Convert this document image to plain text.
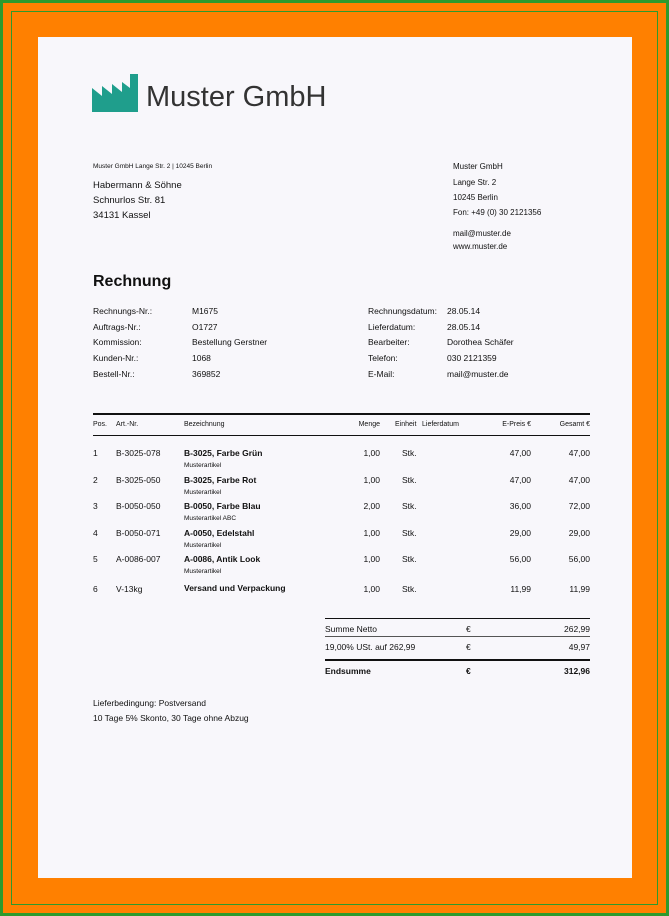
Muster GmbH
Muster GmbH Lange Str. 2 | 10245 Berlin
Habermann & Söhne
Schnurlos Str. 81
34131 Kassel
Muster GmbH
Lange Str. 2
10245 Berlin
Fon: +49 (0) 30 2121356
mail@muster.de
www.muster.de
Rechnung
Rechnungs-Nr.:	M1675
Auftrags-Nr.:	O1727
Kommission:	Bestellung Gerstner
Kunden-Nr.:	1068
Bestell-Nr.:	369852
Rechnungsdatum: 28.05.14
Lieferdatum:	28.05.14
Bearbeiter:	Dorothea Schäfer
Telefon:	030 2121359
E-Mail:	mail@muster.de
Pos. Art.-Nr.	Bezeichnung	Menge Einheit Lieferdatum	E-Preis €	Gesamt €
1 B-3025-078	B-3025, Farbe Grün
Musterartikel
1,00	Stk.	47,00	47,00
2 B-3025-050	B-3025, Farbe Rot
Musterartikel
1,00	Stk.	47,00	47,00
3 B-0050-050	B-0050, Farbe Blau
Musterartikel ABC
2,00	Stk.	36,00	72,00
4 B-0050-071	A-0050, Edelstahl
Musterartikel
1,00	Stk.	29,00	29,00
5 A-0086-007	A-0086, Antik Look
Musterartikel
1,00	Stk.	56,00	56,00
6 V-13kg	Versand und Verpackung	1,00	Stk.	11,99	11,99
Summe Netto	€	262,99
19,00% USt. auf 262,99	€	49,97
Endsumme	€	312,96
Lieferbedingung: Postversand
10 Tage 5% Skonto, 30 Tage ohne Abzug
